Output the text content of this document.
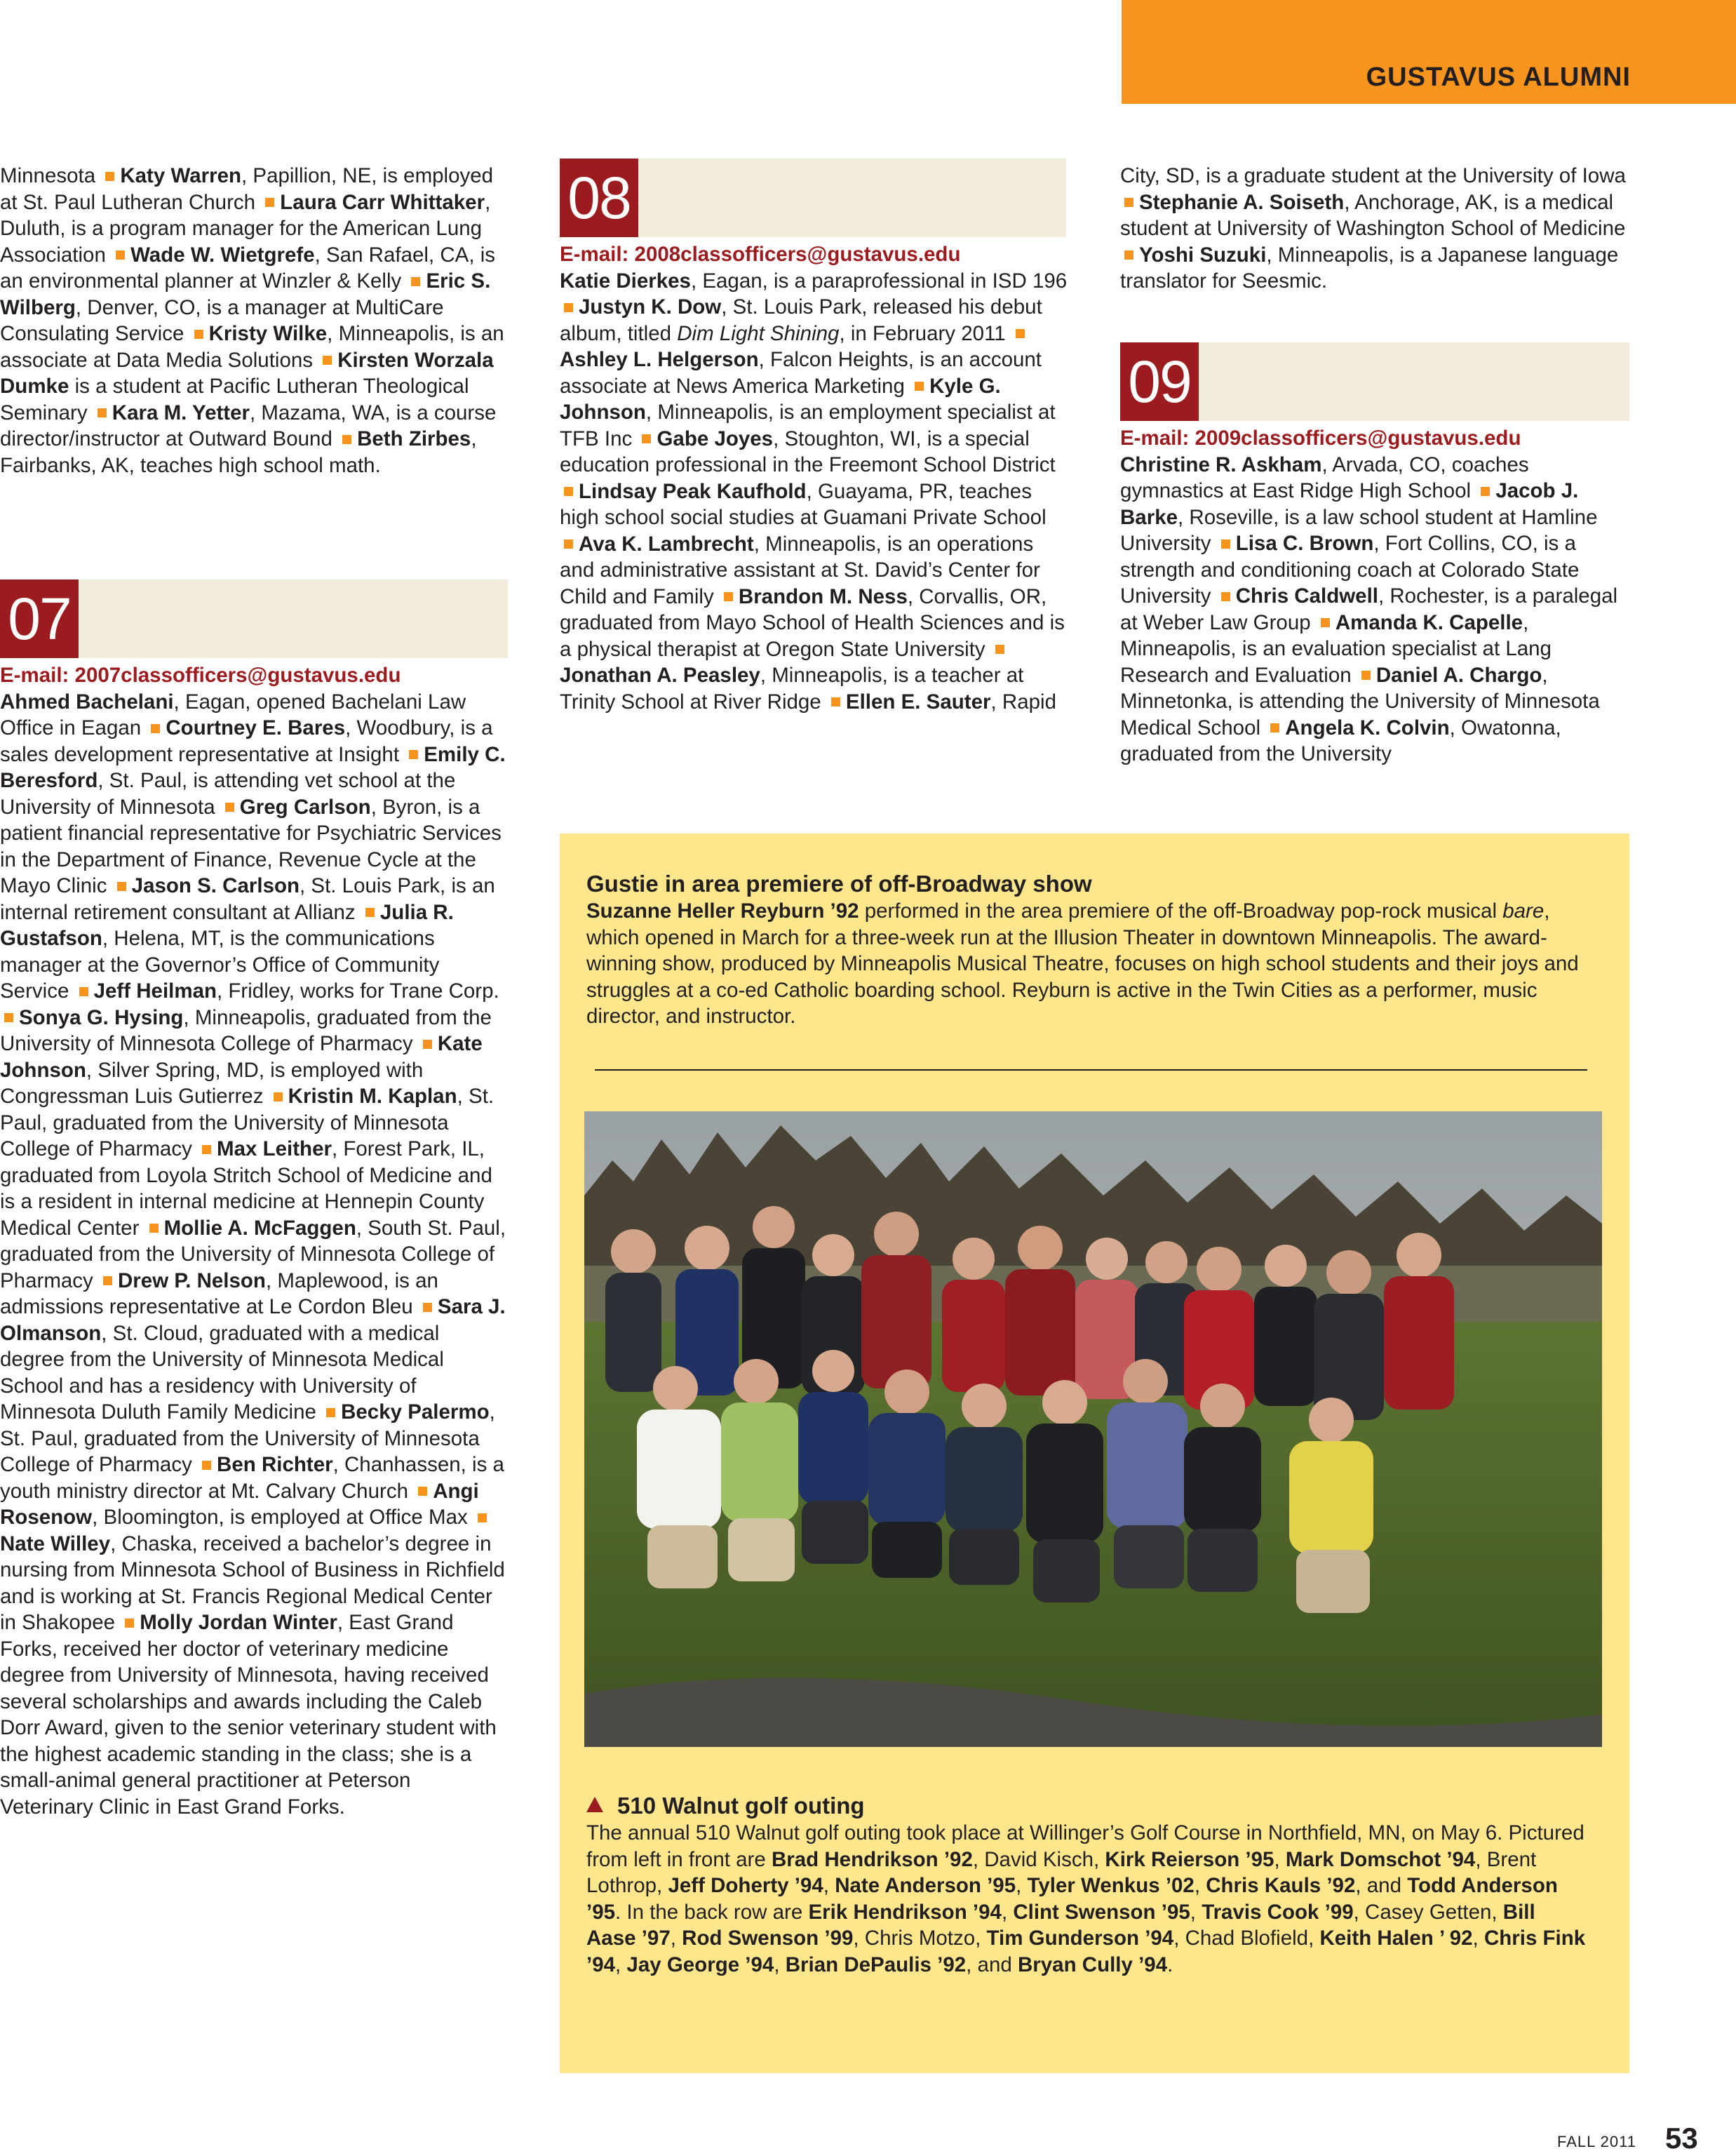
GUSTAVUS ALUMNI

Minnesota Katy Warren, Papillion, NE, is employed at St. Paul Lutheran Church Laura Carr Whittaker, Duluth, is a program manager for the American Lung Association Wade W. Wietgrefe, San Rafael, CA, is an environmental planner at Winzler & Kelly Eric S. Wilberg, Denver, CO, is a manager at MultiCare Consulating Service Kristy Wilke, Minneapolis, is an associate at Data Media Solutions Kirsten Worzala Dumke is a student at Pacific Lutheran Theological Seminary Kara M. Yetter, Mazama, WA, is a course director/instructor at Outward Bound Beth Zirbes, Fairbanks, AK, teaches high school math.

07

E-mail: 2007classofficers@gustavus.edu

Ahmed Bachelani, Eagan, opened Bachelani Law Office in Eagan Courtney E. Bares, Woodbury, is a sales development representative at Insight Emily C. Beresford, St. Paul, is attending vet school at the University of Minnesota Greg Carlson, Byron, is a patient financial representative for Psychiatric Services in the Department of Finance, Revenue Cycle at the Mayo Clinic Jason S. Carlson, St. Louis Park, is an internal retirement consultant at Allianz Julia R. Gustafson, Helena, MT, is the communications manager at the Governor’s Office of Community Service Jeff Heilman, Fridley, works for Trane Corp. Sonya G. Hysing, Minneapolis, graduated from the University of Minnesota College of Pharmacy Kate Johnson, Silver Spring, MD, is employed with Congressman Luis Gutierrez Kristin M. Kaplan, St. Paul, graduated from the University of Minnesota College of Pharmacy Max Leither, Forest Park, IL, graduated from Loyola Stritch School of Medicine and is a resident in internal medicine at Hennepin County Medical Center Mollie A. McFaggen, South St. Paul, graduated from the University of Minnesota College of Pharmacy Drew P. Nelson, Maplewood, is an admissions representative at Le Cordon Bleu Sara J. Olmanson, St. Cloud, graduated with a medical degree from the University of Minnesota Medical School and has a residency with University of Minnesota Duluth Family Medicine Becky Palermo, St. Paul, graduated from the University of Minnesota College of Pharmacy Ben Richter, Chanhassen, is a youth ministry director at Mt. Calvary Church Angi Rosenow, Bloomington, is employed at Office Max Nate Willey, Chaska, received a bachelor’s degree in nursing from Minnesota School of Business in Richfield and is working at St. Francis Regional Medical Center in Shakopee Molly Jordan Winter, East Grand Forks, received her doctor of veterinary medicine degree from University of Minnesota, having received several scholarships and awards including the Caleb Dorr Award, given to the senior veterinary student with the highest academic standing in the class; she is a small-animal general practitioner at Peterson Veterinary Clinic in East Grand Forks.

08

E-mail: 2008classofficers@gustavus.edu

Katie Dierkes, Eagan, is a paraprofessional in ISD 196 Justyn K. Dow, St. Louis Park, released his debut album, titled Dim Light Shining, in February 2011 Ashley L. Helgerson, Falcon Heights, is an account associate at News America Marketing Kyle G. Johnson, Minneapolis, is an employment specialist at TFB Inc Gabe Joyes, Stoughton, WI, is a special education professional in the Freemont School District Lindsay Peak Kaufhold, Guayama, PR, teaches high school social studies at Guamani Private School Ava K. Lambrecht, Minneapolis, is an operations and administrative assistant at St. David’s Center for Child and Family Brandon M. Ness, Corvallis, OR, graduated from Mayo School of Health Sciences and is a physical therapist at Oregon State University Jonathan A. Peasley, Minneapolis, is a teacher at Trinity School at River Ridge Ellen E. Sauter, Rapid

City, SD, is a graduate student at the University of Iowa Stephanie A. Soiseth, Anchorage, AK, is a medical student at University of Washington School of Medicine Yoshi Suzuki, Minneapolis, is a Japanese language translator for Seesmic.

09

E-mail: 2009classofficers@gustavus.edu

Christine R. Askham, Arvada, CO, coaches gymnastics at East Ridge High School Jacob J. Barke, Roseville, is a law school student at Hamline University Lisa C. Brown, Fort Collins, CO, is a strength and conditioning coach at Colorado State University Chris Caldwell, Rochester, is a paralegal at Weber Law Group Amanda K. Capelle, Minneapolis, is an evaluation specialist at Lang Research and Evaluation Daniel A. Chargo, Minnetonka, is attending the University of Minnesota Medical School Angela K. Colvin, Owatonna, graduated from the University

Gustie in area premiere of off-Broadway show

Suzanne Heller Reyburn ’92 performed in the area premiere of the off-Broadway pop-rock musical bare, which opened in March for a three-week run at the Illusion Theater in downtown Minneapolis. The award-winning show, produced by Minneapolis Musical Theatre, focuses on high school students and their joys and struggles at a co-ed Catholic boarding school. Reyburn is active in the Twin Cities as a performer, music director, and instructor.

510 Walnut golf outing

The annual 510 Walnut golf outing took place at Willinger’s Golf Course in Northfield, MN, on May 6. Pictured from left in front are Brad Hendrikson ’92, David Kisch, Kirk Reierson ’95, Mark Domschot ’94, Brent Lothrop, Jeff Doherty ’94, Nate Anderson ’95, Tyler Wenkus ’02, Chris Kauls ’92, and Todd Anderson ’95. In the back row are Erik Hendrikson ’94, Clint Swenson ’95, Travis Cook ’99, Casey Getten, Bill Aase ’97, Rod Swenson ’99, Chris Motzo, Tim Gunderson ’94, Chad Blofield, Keith Halen ’ 92, Chris Fink ’94, Jay George ’94, Brian DePaulis ’92, and Bryan Cully ’94.

FALL 2011 53
